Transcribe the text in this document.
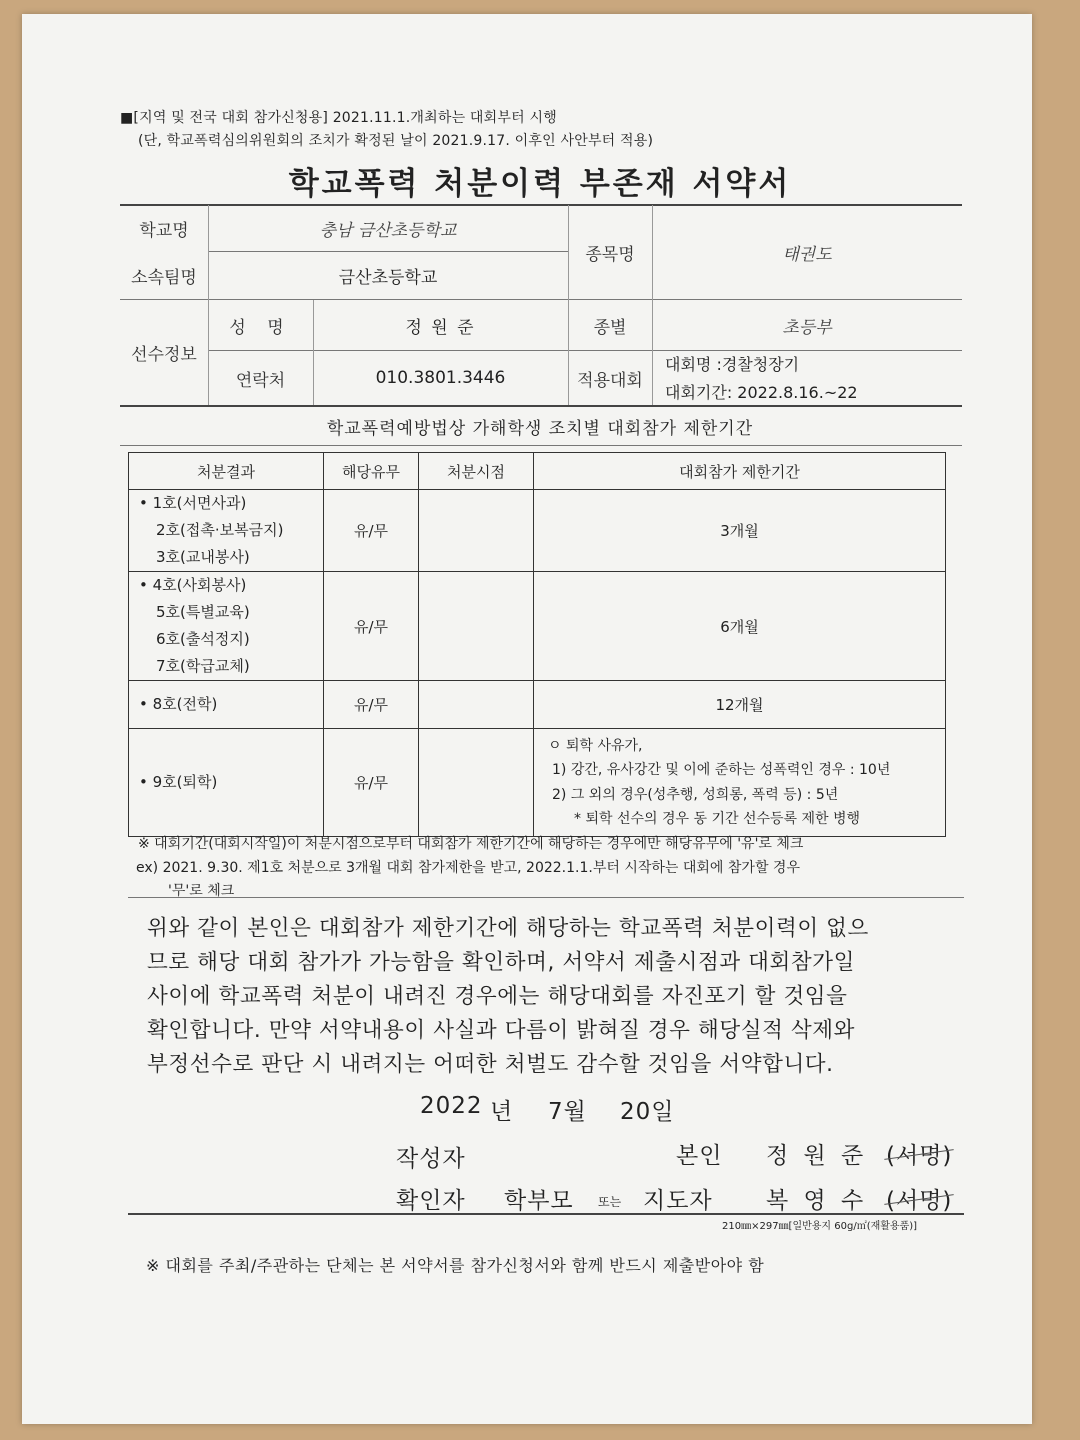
■[지역 및 전국 대회 참가신청용] 2021.11.1.개최하는 대회부터 시행
(단, 학교폭력심의위원회의 조치가 확정된 날이 2021.9.17. 이후인 사안부터 적용)
학교폭력 처분이력 부존재 서약서
학교명	충남 금산초등학교
소속팀명	금산초등학교
종목명	태권도
선수정보
성 명	정 원 준	종별	초등부
연락처	010.3801.3446	적용대회
대회명 :경찰청장기
대회기간: 2022.8.16.~22
학교폭력예방법상 가해학생 조치별 대회참가 제한기간
처분결과	해당유무	처분시점	대회참가 제한기간

• 1호(서면사과)
2호(접촉·보복금지)
3호(교내봉사)	유/무		3개월

• 4호(사회봉사)
5호(특별교육)
6호(출석정지)
7호(학급교체)	유/무		6개월

• 8호(전학)	유/무		12개월

• 9호(퇴학)	유/무		ㅇ 퇴학 사유가,
1) 강간, 유사강간 및 이에 준하는 성폭력인 경우 : 10년
2) 그 외의 경우(성추행, 성희롱, 폭력 등) : 5년
* 퇴학 선수의 경우 동 기간 선수등록 제한 병행
※ 대회기간(대회시작일)이 처분시점으로부터 대회참가 제한기간에 해당하는 경우에만 해당유무에 '유'로 체크
ex) 2021. 9.30. 제1호 처분으로 3개월 대회 참가제한을 받고, 2022.1.1.부터 시작하는 대회에 참가할 경우
'무'로 체크
위와 같이 본인은 대회참가 제한기간에 해당하는 학교폭력 처분이력이 없으
므로 해당 대회 참가가 가능함을 확인하며, 서약서 제출시점과 대회참가일
사이에 학교폭력 처분이 내려진 경우에는 해당대회를 자진포기 할 것임을
확인합니다. 만약 서약내용이 사실과 다름이 밝혀질 경우 해당실적 삭제와
부정선수로 판단 시 내려지는 어떠한 처벌도 감수할 것임을 서약합니다.
2022 년 7월 20일
작성자	본인 정 원 준 (서명)
확인자 학부모 또는 지도자 복 영 수 (서명)
210㎜×297㎜[일반용지 60g/㎡(재활용품)]
※ 대회를 주최/주관하는 단체는 본 서약서를 참가신청서와 함께 반드시 제출받아야 함
